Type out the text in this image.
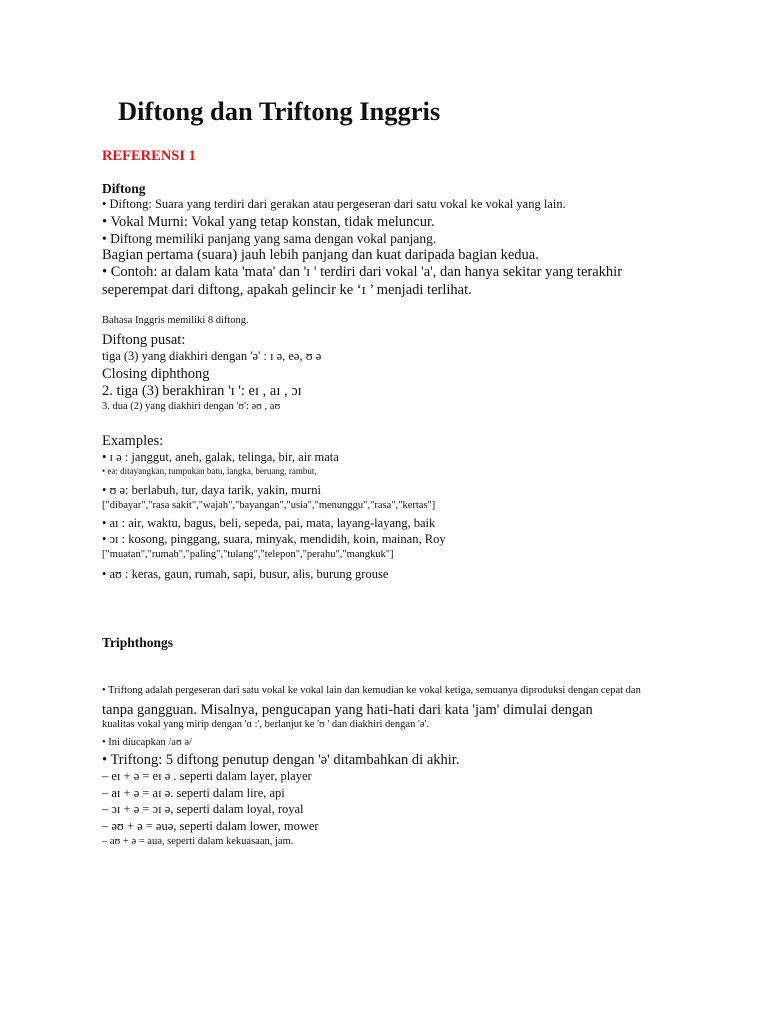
Diftong dan Triftong Inggris
REFERENSI 1
Diftong
• Diftong: Suara yang terdiri dari gerakan atau pergeseran dari satu vokal ke vokal yang lain.
• Vokal Murni: Vokal yang tetap konstan, tidak meluncur.
• Diftong memiliki panjang yang sama dengan vokal panjang.
Bagian pertama (suara) jauh lebih panjang dan kuat daripada bagian kedua.
• Contoh: aɪ dalam kata 'mata' dan 'ɪ ' terdiri dari vokal 'a', dan hanya sekitar yang terakhir
seperempat dari diftong, apakah gelincir ke ‘ɪ ’ menjadi terlihat.
Bahasa Inggris memiliki 8 diftong.
Diftong pusat:
tiga (3) yang diakhiri dengan 'ə' : ɪ ə, eə, ʊ ə
Closing diphthong
2. tiga (3) berakhiran 'ɪ ': eɪ , aɪ , ɔɪ
3. dua (2) yang diakhiri dengan 'ʊ': əʊ , aʊ
Examples:
• ɪ ə : janggut, aneh, galak, telinga, bir, air mata
• eə: ditayangkan, tumpukan batu, langka, beruang, rambut,
• ʊ ə: berlabuh, tur, daya tarik, yakin, murni
["dibayar","rasa sakit","wajah","bayangan","usia","menunggu","rasa","kertas"]
• aɪ : air, waktu, bagus, beli, sepeda, pai, mata, layang-layang, baik
• ɔɪ : kosong, pinggang, suara, minyak, mendidih, koin, mainan, Roy
["muatan","rumah","paling","tulang","telepon","perahu","mangkuk"]
• aʊ : keras, gaun, rumah, sapi, busur, alis, burung grouse
Triphthongs
• Triftong adalah pergeseran dari satu vokal ke vokal lain dan kemudian ke vokal ketiga, semuanya diproduksi dengan cepat dan
tanpa gangguan. Misalnya, pengucapan yang hati-hati dari kata 'jam' dimulai dengan
kualitas vokal yang mirip dengan 'ɑ :', berlanjut ke 'ʊ ' dan diakhiri dengan 'ə'.
• Ini diucapkan /aʊ ə/
• Triftong: 5 diftong penutup dengan 'ə' ditambahkan di akhir.
– eɪ + ə = eɪ ə . seperti dalam layer, player
– aɪ + ə = aɪ ə. seperti dalam lire, api
– ɔɪ + ə = ɔɪ ə, seperti dalam loyal, royal
– əʊ + ə = əuə, seperti dalam lower, mower
– aʊ + ə = auə, seperti dalam kekuasaan, jam.
